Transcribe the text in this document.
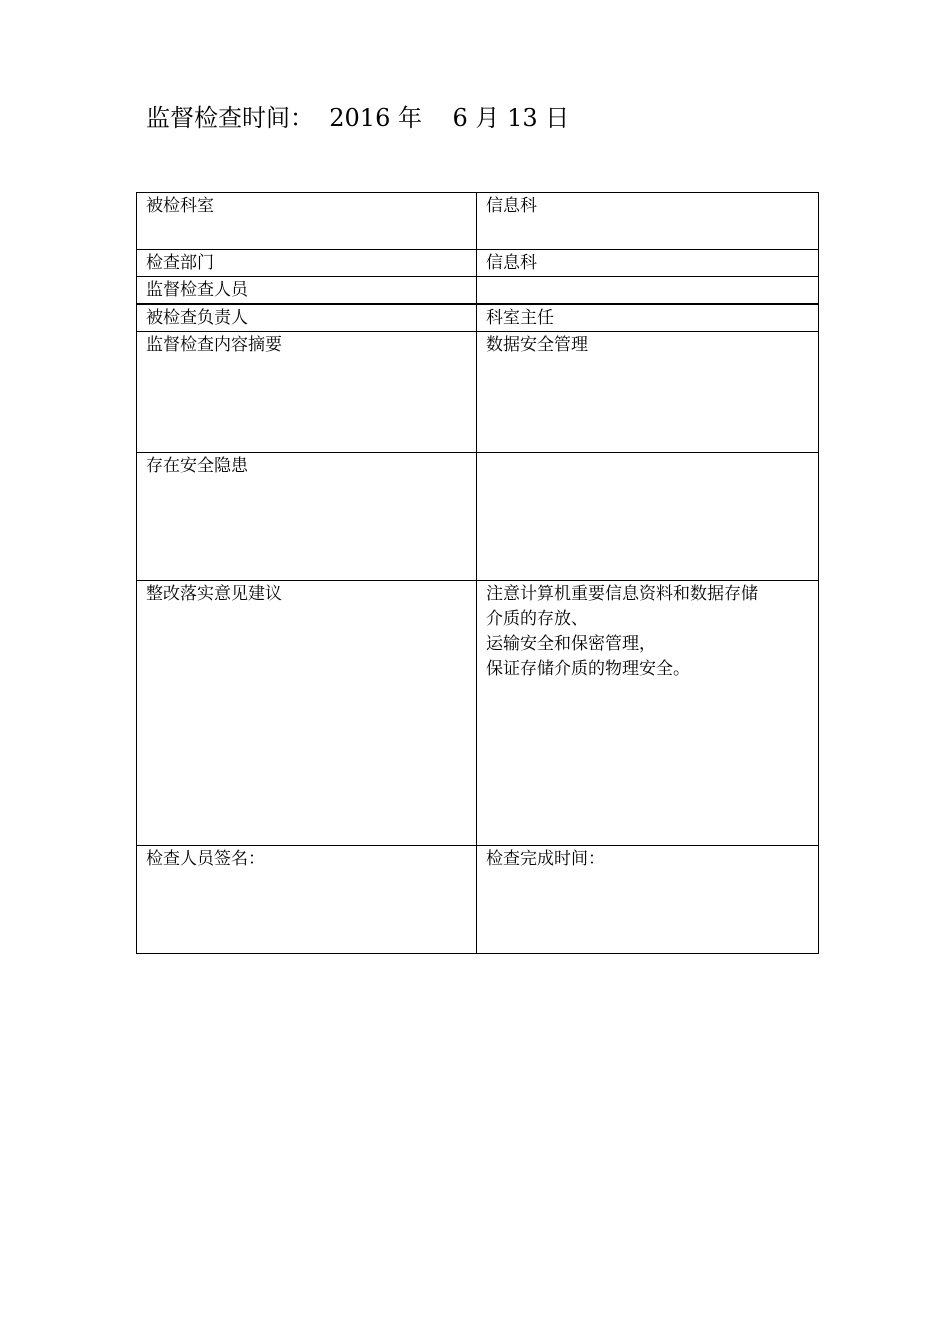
监督检查时间： 2016 年 6 月 13 日
被检科室	信息科
检查部门	信息科
监督检查人员	
被检查负责人	科室主任
监督检查内容摘要	数据安全管理
存在安全隐患	
整改落实意见建议	注意计算机重要信息资料和数据存储
介质的存放、
运输安全和保密管理，
保证存储介质的物理安全。

检查人员签名：	检查完成时间：
